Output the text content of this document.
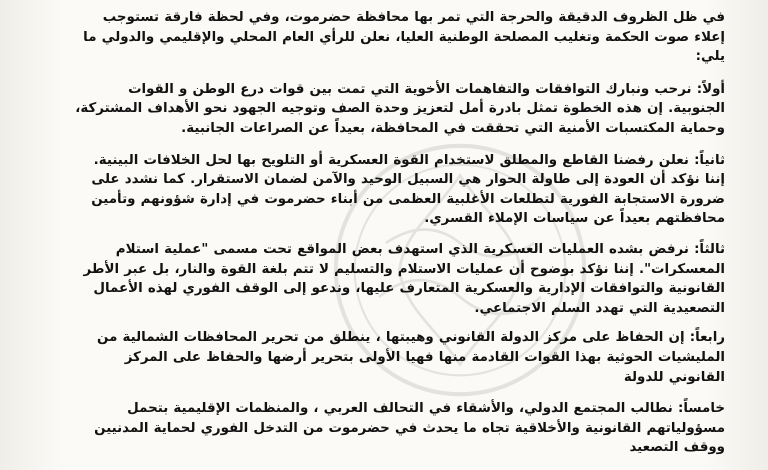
في ظل الظروف الدقيقة والحرجة التي تمر بها محافظة حضرموت، وفي لحظة فارقة تستوجب إعلاء صوت الحكمة وتغليب المصلحة الوطنية العليا، نعلن للرأي العام المحلي والإقليمي والدولي ما يلي:

أولاً:نرحب ونبارك التوافقات والتفاهمات الأخوية التي تمت بين قوات درع الوطن و القوات الجنوبية. إن هذه الخطوة تمثل بادرة أمل لتعزيز وحدة الصف وتوجيه الجهود نحو الأهداف المشتركة، وحماية المكتسبات الأمنية التي تحققت في المحافظة، بعيداً عن الصراعات الجانبية.

ثانياً:نعلن رفضنا القاطع والمطلق لاستخدام القوة العسكرية أو التلويح بها لحل الخلافات البينية. إننا نؤكد أن العودة إلى طاولة الحوار هي السبيل الوحيد والآمن لضمان الاستقرار. كما نشدد على ضرورة الاستجابة الفورية لتطلعات الأغلبية العظمى من أبناء حضرموت في إدارة شؤونهم وتأمين محافظتهم بعيداً عن سياسات الإملاء القسري.

ثالثاً:نرفض بشده العمليات العسكرية الذي استهدف بعض المواقع تحت مسمى "عملية استلام المعسكرات". إننا نؤكد بوضوح أن عمليات الاستلام والتسليم لا تتم بلغة القوة والنار، بل عبر الأطر القانونية والتوافقات الإدارية والعسكرية المتعارف عليها، وندعو إلى الوقف الفوري لهذه الأعمال التصعيدية التي تهدد السلم الاجتماعي.

رابعاً:إن الحفاظ على مركز الدولة القانوني وهيبتها ، ينطلق من تحرير المحافظات الشمالية من المليشيات الحوثية بهذا القوات القادمة منها فهيا الأولى بتحرير أرضها والحفاظ على المركز القانوني للدولة

خامساً:نطالب المجتمع الدولي، والأشقاء في التحالف العربي ، والمنظمات الإقليمية بتحمل مسؤولياتهم القانونية والأخلاقية تجاه ما يحدث في حضرموت من التدخل الفوري لحماية المدنيين ووقف التصعيد
